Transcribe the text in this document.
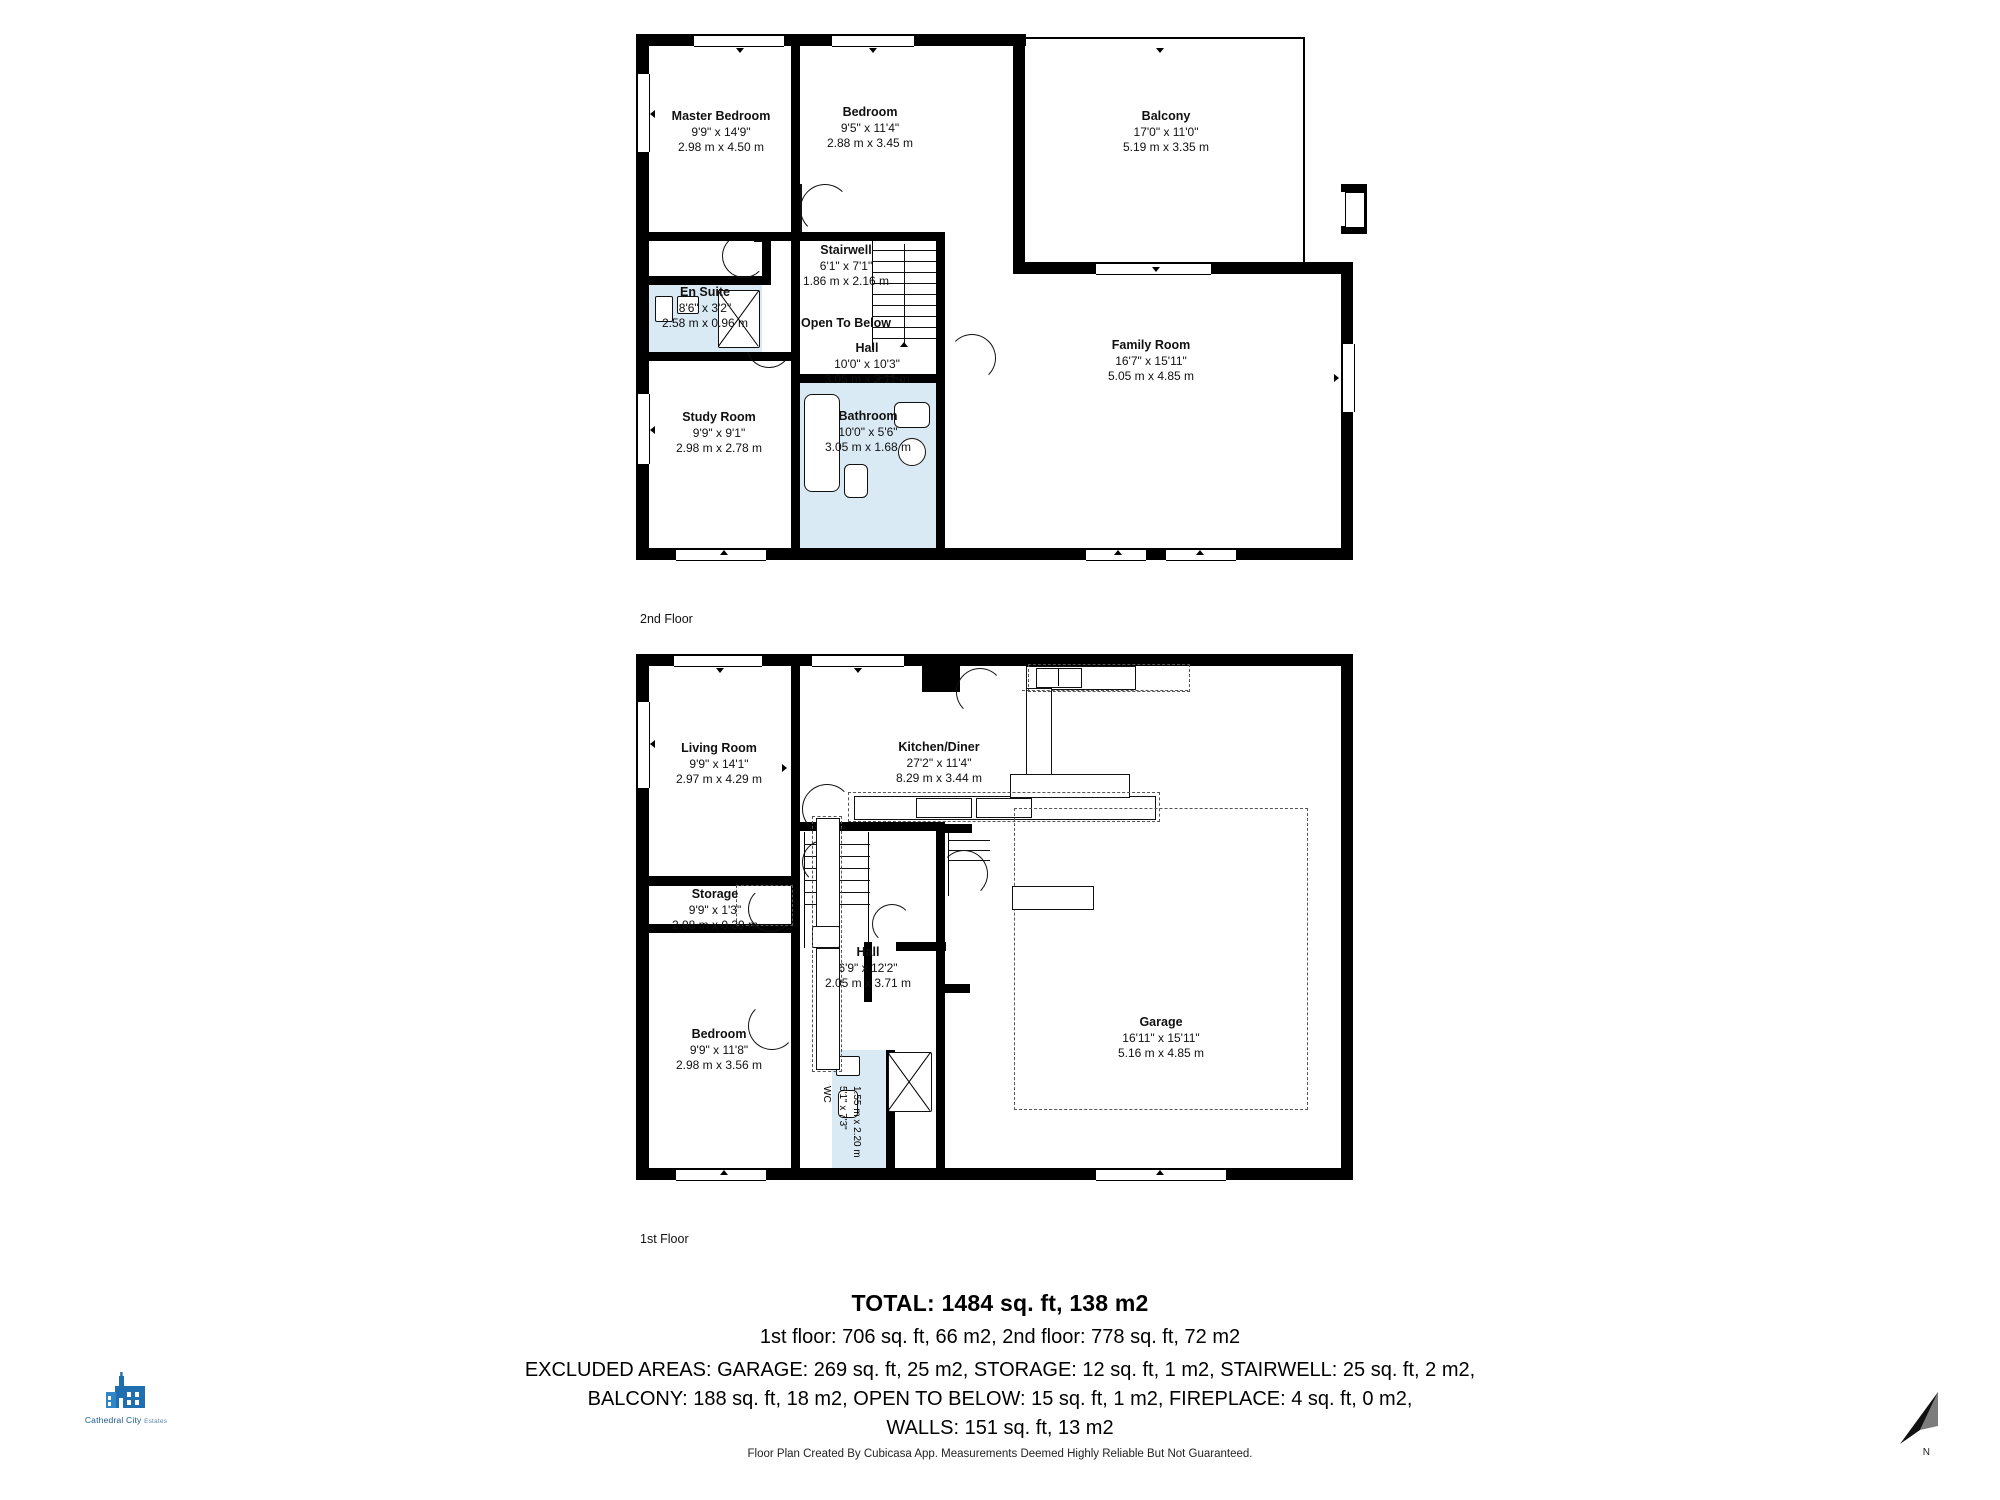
Master Bedroom
9'9" x 14'9"
2.98 m x 4.50 m
Bedroom
9'5" x 11'4"
2.88 m x 3.45 m
Balcony
17'0" x 11'0"
5.19 m x 3.35 m
Stairwell
6'1" x 7'1"
1.86 m x 2.16 m
Open To Below
En Suite
8'6" x 3'2"
2.58 m x 0.96 m
Hall
10'0" x 10'3"
3.05 m x 3.11 m
Family Room
16'7" x 15'11"
5.05 m x 4.85 m
Study Room
9'9" x 9'1"
2.98 m x 2.78 m
Bathroom
10'0" x 5'6"
3.05 m x 1.68 m
2nd Floor
Living Room
9'9" x 14'1"
2.97 m x 4.29 m
Kitchen/Diner
27'2" x 11'4"
8.29 m x 3.44 m
Storage
9'9" x 1'3"
2.98 m x 0.39 m
Hall
6'9" x 12'2"
2.05 m x 3.71 m
Bedroom
9'9" x 11'8"
2.98 m x 3.56 m
WC 5'1" x 7'3" 1.55 m x 2.20 m
Garage
16'11" x 15'11"
5.16 m x 4.85 m
1st Floor
TOTAL: 1484 sq. ft, 138 m2
1st floor: 706 sq. ft, 66 m2, 2nd floor: 778 sq. ft, 72 m2
EXCLUDED AREAS: GARAGE: 269 sq. ft, 25 m2, STORAGE: 12 sq. ft, 1 m2, STAIRWELL: 25 sq. ft, 2 m2,
BALCONY: 188 sq. ft, 18 m2, OPEN TO BELOW: 15 sq. ft, 1 m2, FIREPLACE: 4 sq. ft, 0 m2,
WALLS: 151 sq. ft, 13 m2
Floor Plan Created By Cubicasa App. Measurements Deemed Highly Reliable But Not Guaranteed.
Cathedral City Estates
N
